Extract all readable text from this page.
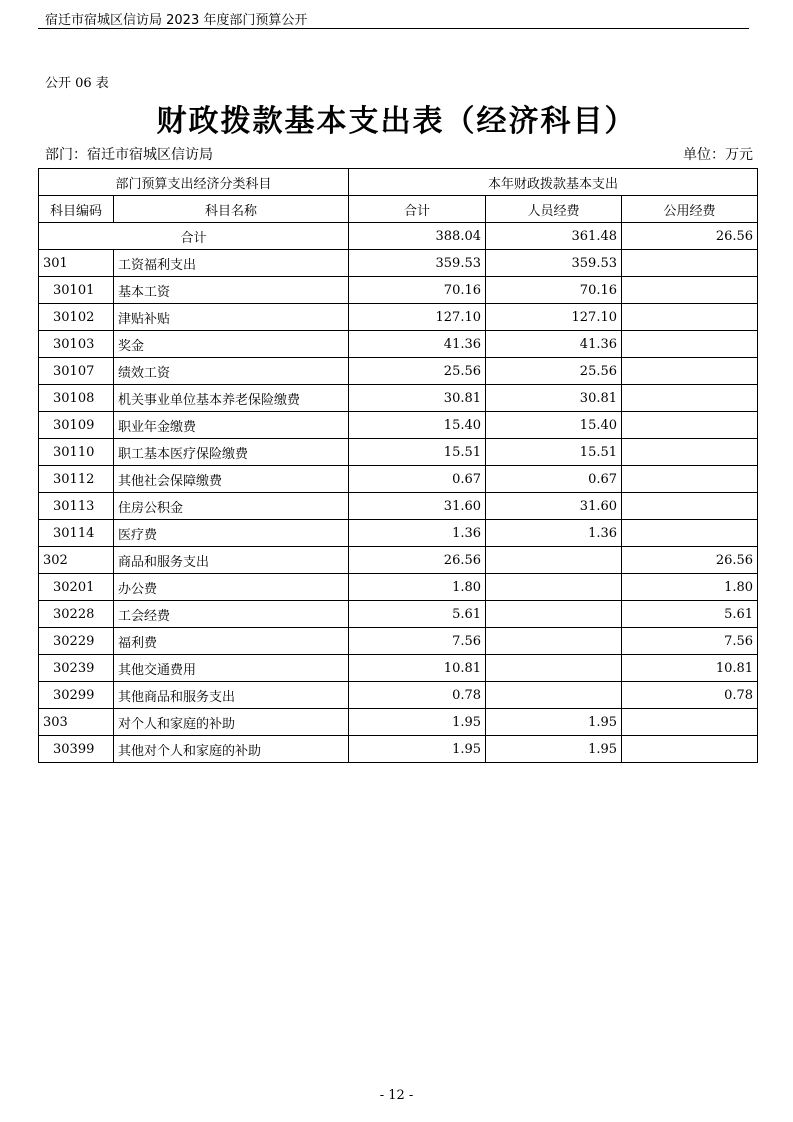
宿迁市宿城区信访局 2023 年度部门预算公开
公开 06 表
财政拨款基本支出表（经济科目）
部门：宿迁市宿城区信访局	单位：万元
部门预算支出经济分类科目		本年财政拨款基本支出		
科目编码	科目名称	合计	人员经费	公用经费
合计		388.04	361.48	26.56
301	工资福利支出	359.53	359.53	
30101	基本工资	70.16	70.16	
30102	津贴补贴	127.10	127.10	
30103	奖金	41.36	41.36	
30107	绩效工资	25.56	25.56	
30108	机关事业单位基本养老保险缴费	30.81	30.81	
30109	职业年金缴费	15.40	15.40	
30110	职工基本医疗保险缴费	15.51	15.51	
30112	其他社会保障缴费	0.67	0.67	
30113	住房公积金	31.60	31.60	
30114	医疗费	1.36	1.36	
302	商品和服务支出	26.56		26.56
30201	办公费	1.80		1.80
30228	工会经费	5.61		5.61
30229	福利费	7.56		7.56
30239	其他交通费用	10.81		10.81
30299	其他商品和服务支出	0.78		0.78
303	对个人和家庭的补助	1.95	1.95	
30399	其他对个人和家庭的补助	1.95	1.95	
- 12 -
